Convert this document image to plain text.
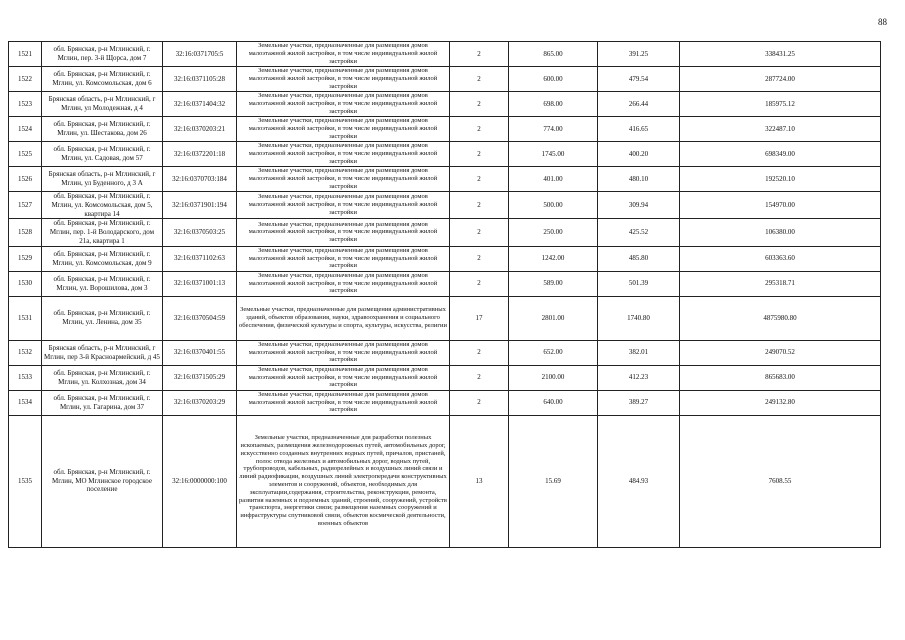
88
1521	обл. Брянская, р-н Мглинский, г. Мглин, пер. 3-й Щорса, дом 7	32:16:0371705:5	Земельные участки, предназначенные для размещения домов малоэтажной жилой застройки, в том числе индивидуальной жилой застройки	2	865.00	391.25	338431.25
1522	обл. Брянская, р-н Мглинский, г. Мглин, ул. Комсомольская, дом 6	32:16:0371105:28	Земельные участки, предназначенные для размещения домов малоэтажной жилой застройки, в том числе индивидуальной жилой застройки	2	600.00	479.54	287724.00
1523	Брянская область, р-н Мглинский, г Мглин, ул Молодежная, д 4	32:16:0371404:32	Земельные участки, предназначенные для размещения домов малоэтажной жилой застройки, в том числе индивидуальной жилой застройки	2	698.00	266.44	185975.12
1524	обл. Брянская, р-н Мглинский, г. Мглин, ул. Шестакова, дом 26	32:16:0370203:21	Земельные участки, предназначенные для размещения домов малоэтажной жилой застройки, в том числе индивидуальной жилой застройки	2	774.00	416.65	322487.10
1525	обл. Брянская, р-н Мглинский, г. Мглин, ул. Садовая, дом 57	32:16:0372201:18	Земельные участки, предназначенные для размещения домов малоэтажной жилой застройки, в том числе индивидуальной жилой застройки	2	1745.00	400.20	698349.00
1526	Брянская область, р-н Мглинский, г Мглин, ул Буденного, д 3 А	32:16:0370703:184	Земельные участки, предназначенные для размещения домов малоэтажной жилой застройки, в том числе индивидуальной жилой застройки	2	401.00	480.10	192520.10
1527	обл. Брянская, р-н Мглинский, г. Мглин, ул. Комсомольская, дом 5, квартира 14	32:16:0371901:194	Земельные участки, предназначенные для размещения домов малоэтажной жилой застройки, в том числе индивидуальной жилой застройки	2	500.00	309.94	154970.00
1528	обл. Брянская, р-н Мглинский, г. Мглин, пер. 1-й Володарского, дом 21а, квартира 1	32:16:0370503:25	Земельные участки, предназначенные для размещения домов малоэтажной жилой застройки, в том числе индивидуальной жилой застройки	2	250.00	425.52	106380.00
1529	обл. Брянская, р-н Мглинский, г. Мглин, ул. Комсомольская, дом 9	32:16:0371102:63	Земельные участки, предназначенные для размещения домов малоэтажной жилой застройки, в том числе индивидуальной жилой застройки	2	1242.00	485.80	603363.60
1530	обл. Брянская, р-н Мглинский, г. Мглин, ул. Ворошилова, дом 3	32:16:0371001:13	Земельные участки, предназначенные для размещения домов малоэтажной жилой застройки, в том числе индивидуальной жилой застройки	2	589.00	501.39	295318.71
1531	обл. Брянская, р-н Мглинский, г. Мглин, ул. Ленина, дом 35	32:16:0370504:59	Земельные участки, предназначенные для размещения административных зданий, объектов образования, науки, здравоохранения и социального обеспечения, физической культуры и спорта, культуры, искусства, религии	17	2801.00	1740.80	4875980.80
1532	Брянская область, р-н Мглинский, г Мглин, пер 3-й Красноармейский, д 45	32:16:0370401:55	Земельные участки, предназначенные для размещения домов малоэтажной жилой застройки, в том числе индивидуальной жилой застройки	2	652.00	382.01	249070.52
1533	обл. Брянская, р-н Мглинский, г. Мглин, ул. Колхозная, дом 34	32:16:0371505:29	Земельные участки, предназначенные для размещения домов малоэтажной жилой застройки, в том числе индивидуальной жилой застройки	2	2100.00	412.23	865683.00
1534	обл. Брянская, р-н Мглинский, г. Мглин, ул. Гагарина, дом 37	32:16:0370203:29	Земельные участки, предназначенные для размещения домов малоэтажной жилой застройки, в том числе индивидуальной жилой застройки	2	640.00	389.27	249132.80
1535	обл. Брянская, р-н Мглинский, г. Мглин, МО Мглинское городское поселение	32:16:0000000:100	Земельные участки, предназначенные для разработки полезных ископаемых, размещения железнодорожных путей, автомобильных дорог, искусственно созданных внутренних водных путей, причалов, пристаней, полос отвода железных и автомобильных дорог, водных путей, трубопроводов, кабельных, радиорелейных и воздушных линий связи и линий радиофикации, воздушных линий электропередачи конструктивных элементов и сооружений, объектов, необходимых для эксплуатации,содержания, строительства, реконструкции, ремонта, развития наземных и подземных зданий, строений, сооружений, устройств транспорта, энергетики связи; размещения наземных сооружений и инфраструктуры спутниковой связи, объектов космической деятельности, военных объектов	13	15.69	484.93	7608.55
